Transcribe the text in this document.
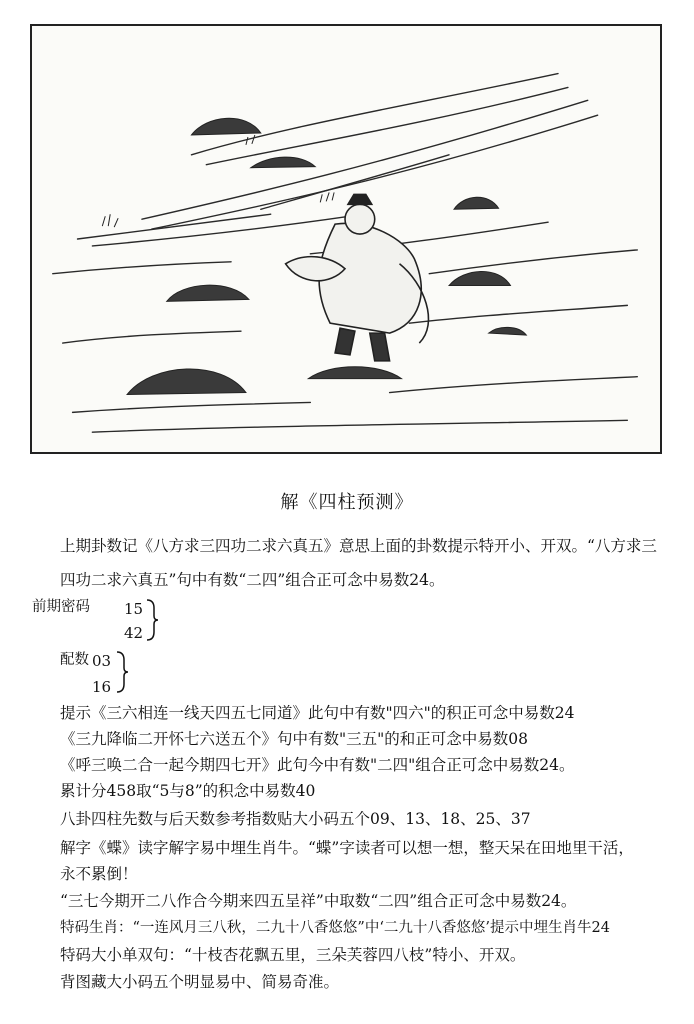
解《四柱预测》
上期卦数记《八方求三四功二求六真五》意思上面的卦数提示特开小、开双。“八方求三
四功二求六真五”句中有数“二四”组合正可念中易数24。
前期密码 15
42
配数 03
16
提示《三六相连一线天四五七同道》此句中有数"四六"的积正可念中易数24
《三九降临二开怀七六送五个》句中有数"三五"的和正可念中易数08
《呼三唤二合一起今期四七开》此句今中有数"二四"组合正可念中易数24。
累计分458取“5与8”的积念中易数40
八卦四柱先数与后天数参考指数贴大小码五个09、13、18、25、37
解字《蝶》读字解字易中埋生肖牛。“蝶”字读者可以想一想，整天呆在田地里干活，
永不累倒！
“三七今期开二八作合今期来四五呈祥”中取数“二四”组合正可念中易数24。
特码生肖：“一连风月三八秋，二九十八香悠悠”中‘二九十八香悠悠’提示中埋生肖牛24
特码大小单双句：“十枝杏花飘五里，三朵芙蓉四八枝”特小、开双。
背图藏大小码五个明显易中、简易奇准。
